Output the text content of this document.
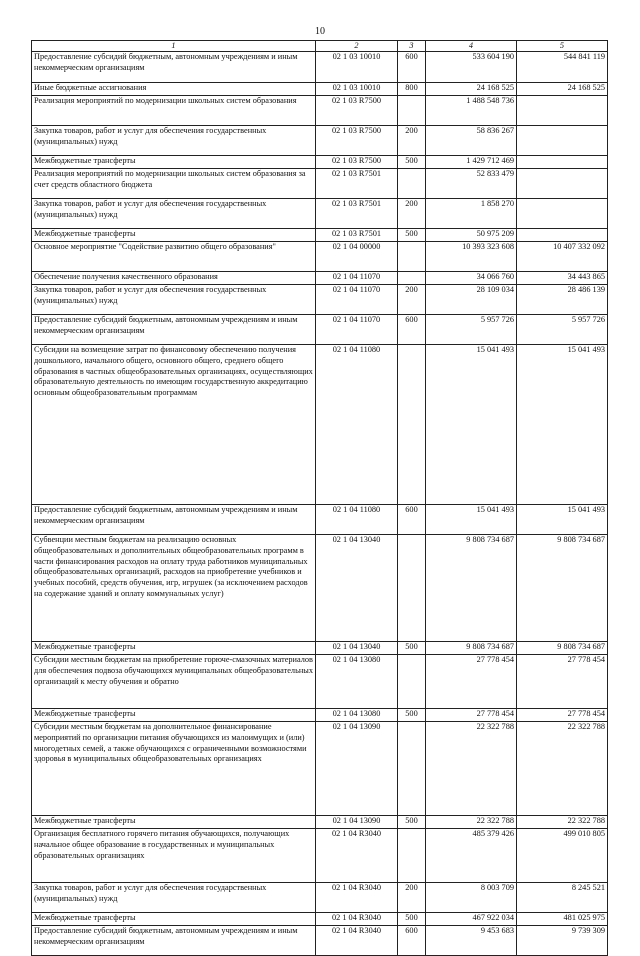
10
1	2	3	4	5
Предоставление субсидий бюджетным, автономным учреждениям и иным некоммерческим организациям	02 1 03 10010	600	533 604 190	544 841 119
Иные бюджетные ассигнования	02 1 03 10010	800	24 168 525	24 168 525
Реализация мероприятий по модернизации школьных систем образования	02 1 03 R7500		1 488 548 736	
Закупка товаров, работ и услуг для обеспечения государственных (муниципальных) нужд	02 1 03 R7500	200	58 836 267	
Межбюджетные трансферты	02 1 03 R7500	500	1 429 712 469	
Реализация мероприятий по модернизации школьных систем образования за счет средств областного бюджета	02 1 03 R7501		52 833 479	
Закупка товаров, работ и услуг для обеспечения государственных (муниципальных) нужд	02 1 03 R7501	200	1 858 270	
Межбюджетные трансферты	02 1 03 R7501	500	50 975 209	
Основное мероприятие "Содействие развитию общего образования"	02 1 04 00000		10 393 323 608	10 407 332 092
Обеспечение получения качественного образования	02 1 04 11070		34 066 760	34 443 865
Закупка товаров, работ и услуг для обеспечения государственных (муниципальных) нужд	02 1 04 11070	200	28 109 034	28 486 139
Предоставление субсидий бюджетным, автономным учреждениям и иным некоммерческим организациям	02 1 04 11070	600	5 957 726	5 957 726
Субсидии на возмещение затрат по финансовому обеспечению получения дошкольного, начального общего, основного общего, среднего общего образования в частных общеобразовательных организациях, осуществляющих образовательную деятельность по имеющим государственную аккредитацию основным общеобразовательным программам	02 1 04 11080		15 041 493	15 041 493
Предоставление субсидий бюджетным, автономным учреждениям и иным некоммерческим организациям	02 1 04 11080	600	15 041 493	15 041 493
Субвенции местным бюджетам на реализацию основных общеобразовательных и дополнительных общеобразовательных программ в части финансирования расходов на оплату труда работников муниципальных общеобразовательных организаций, расходов на приобретение учебников и учебных пособий, средств обучения, игр, игрушек (за исключением расходов на содержание зданий и оплату коммунальных услуг)	02 1 04 13040		9 808 734 687	9 808 734 687
Межбюджетные трансферты	02 1 04 13040	500	9 808 734 687	9 808 734 687
Субсидии местным бюджетам на приобретение горюче-смазочных материалов для обеспечения подвоза обучающихся муниципальных общеобразовательных организаций к месту обучения и обратно	02 1 04 13080		27 778 454	27 778 454
Межбюджетные трансферты	02 1 04 13080	500	27 778 454	27 778 454
Субсидии местным бюджетам на дополнительное финансирование мероприятий по организации питания обучающихся из малоимущих и (или) многодетных семей, а также обучающихся с ограниченными возможностями здоровья в муниципальных общеобразовательных организациях	02 1 04 13090		22 322 788	22 322 788
Межбюджетные трансферты	02 1 04 13090	500	22 322 788	22 322 788
Организация бесплатного горячего питания обучающихся, получающих начальное общее образование в государственных и муниципальных образовательных организациях	02 1 04 R3040		485 379 426	499 010 805
Закупка товаров, работ и услуг для обеспечения государственных (муниципальных) нужд	02 1 04 R3040	200	8 003 709	8 245 521
Межбюджетные трансферты	02 1 04 R3040	500	467 922 034	481 025 975
Предоставление субсидий бюджетным, автономным учреждениям и иным некоммерческим организациям	02 1 04 R3040	600	9 453 683	9 739 309
